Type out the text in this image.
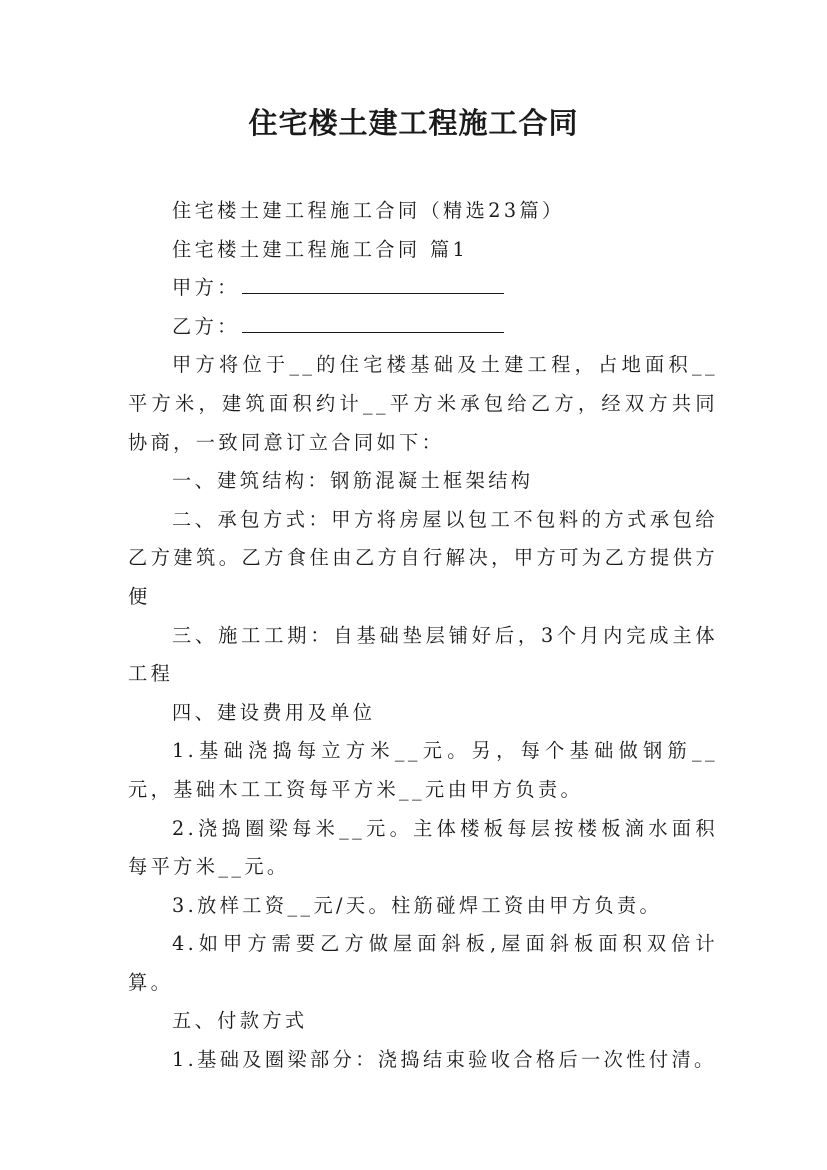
住宅楼土建工程施工合同

住宅楼土建工程施工合同（精选23篇）

住宅楼土建工程施工合同 篇1

甲方：

乙方：

甲方将位于__的住宅楼基础及土建工程，占地面积__平方米，建筑面积约计__平方米承包给乙方，经双方共同协商，一致同意订立合同如下：

一、建筑结构：钢筋混凝土框架结构

二、承包方式：甲方将房屋以包工不包料的方式承包给乙方建筑。乙方食住由乙方自行解决，甲方可为乙方提供方便

三、施工工期：自基础垫层铺好后，3个月内完成主体工程

四、建设费用及单位

1.基础浇捣每立方米__元。另，每个基础做钢筋__元，基础木工工资每平方米__元由甲方负责。

2.浇捣圈梁每米__元。主体楼板每层按楼板滴水面积每平方米__元。

3.放样工资__元/天。柱筋碰焊工资由甲方负责。

4.如甲方需要乙方做屋面斜板,屋面斜板面积双倍计算。

五、付款方式

1.基础及圈梁部分：浇捣结束验收合格后一次性付清。
